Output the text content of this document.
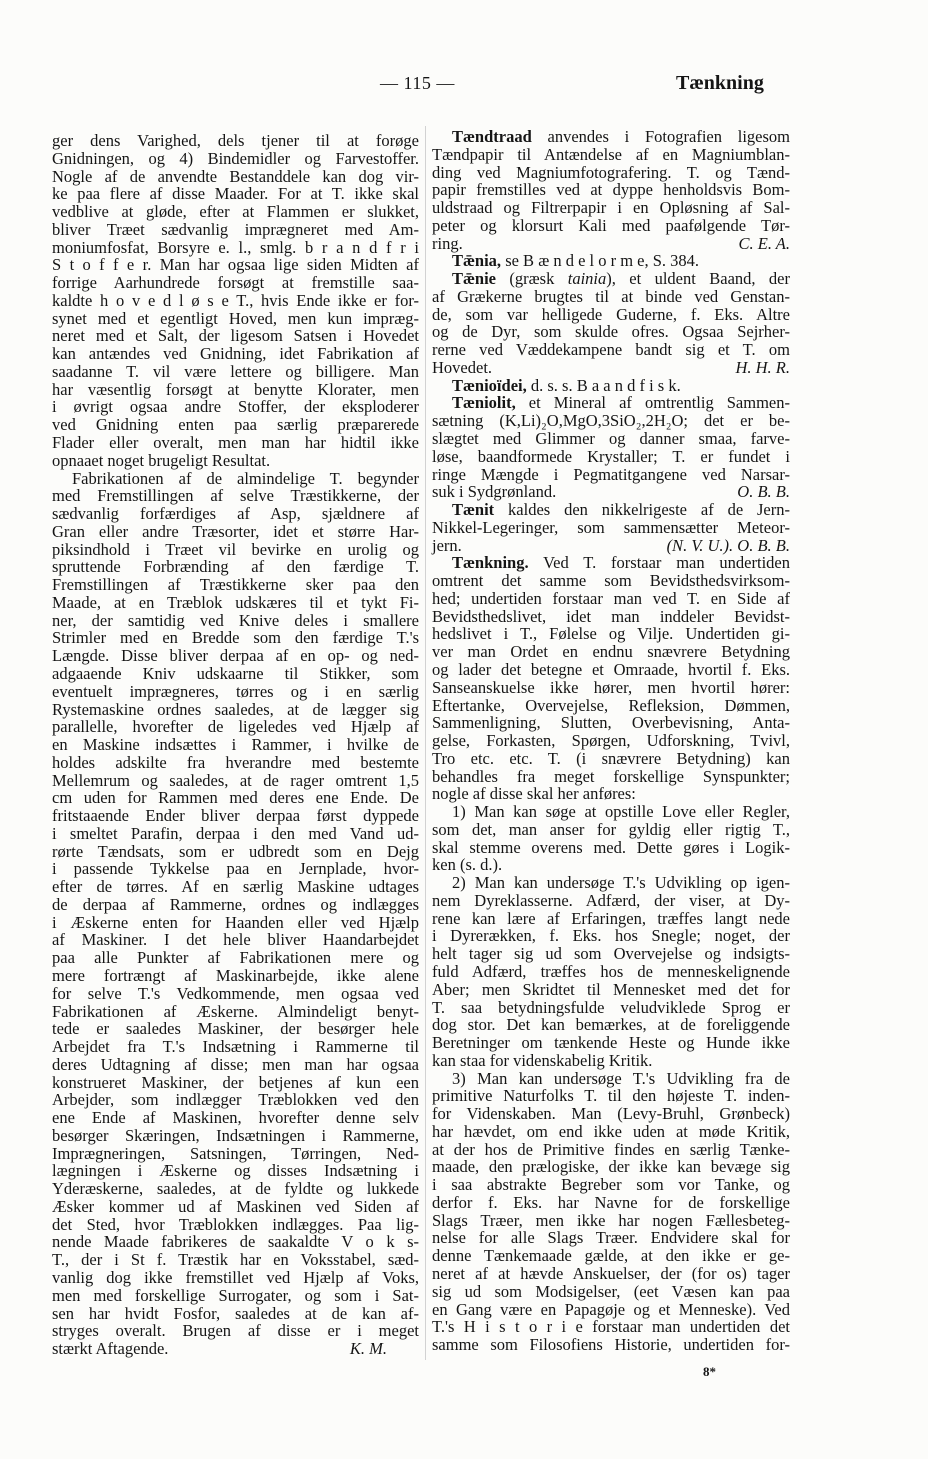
— 115 —	Tænkning
ger dens Varighed, dels tjener til at forøge
Gnidningen, og 4) Bindemidler og Farvestoffer.
Nogle af de anvendte Bestanddele kan dog vir-
ke paa flere af disse Maader. For at T. ikke skal
vedblive at gløde, efter at Flammen er slukket,
bliver Træet sædvanlig imprægneret med Am-
moniumfosfat, Borsyre e. l., smlg. b r a n d f r i
S t o f f e r. Man har ogsaa lige siden Midten af
forrige Aarhundrede forsøgt at fremstille saa-
kaldte h o v e d l ø s e T., hvis Ende ikke er for-
synet med et egentligt Hoved, men kun impræg-
neret med et Salt, der ligesom Satsen i Hovedet
kan antændes ved Gnidning, idet Fabrikation af
saadanne T. vil være lettere og billigere. Man
har væsentlig forsøgt at benytte Klorater, men
i øvrigt ogsaa andre Stoffer, der eksploderer
ved Gnidning enten paa særlig præparerede
Flader eller overalt, men man har hidtil ikke
opnaaet noget brugeligt Resultat.
Fabrikationen af de almindelige T. begynder
med Fremstillingen af selve Træstikkerne, der
sædvanlig forfærdiges af Asp, sjældnere af
Gran eller andre Træsorter, idet et større Har-
piksindhold i Træet vil bevirke en urolig og
spruttende Forbrænding af den færdige T.
Fremstillingen af Træstikkerne sker paa den
Maade, at en Træblok udskæres til et tykt Fi-
ner, der samtidig ved Knive deles i smallere
Strimler med en Bredde som den færdige T.'s
Længde. Disse bliver derpaa af en op- og ned-
adgaaende Kniv udskaarne til Stikker, som
eventuelt imprægneres, tørres og i en særlig
Rystemaskine ordnes saaledes, at de lægger sig
parallelle, hvorefter de ligeledes ved Hjælp af
en Maskine indsættes i Rammer, i hvilke de
holdes adskilte fra hverandre med bestemte
Mellemrum og saaledes, at de rager omtrent 1,5
cm uden for Rammen med deres ene Ende. De
fritstaaende Ender bliver derpaa først dyppede
i smeltet Parafin, derpaa i den med Vand ud-
rørte Tændsats, som er udbredt som en Dejg
i passende Tykkelse paa en Jernplade, hvor-
efter de tørres. Af en særlig Maskine udtages
de derpaa af Rammerne, ordnes og indlægges
i Æskerne enten for Haanden eller ved Hjælp
af Maskiner. I det hele bliver Haandarbejdet
paa alle Punkter af Fabrikationen mere og
mere fortrængt af Maskinarbejde, ikke alene
for selve T.'s Vedkommende, men ogsaa ved
Fabrikationen af Æskerne. Almindeligt benyt-
tede er saaledes Maskiner, der besørger hele
Arbejdet fra T.'s Indsætning i Rammerne til
deres Udtagning af disse; men man har ogsaa
konstrueret Maskiner, der betjenes af kun een
Arbejder, som indlægger Træblokken ved den
ene Ende af Maskinen, hvorefter denne selv
besørger Skæringen, Indsætningen i Rammerne,
Imprægneringen, Satsningen, Tørringen, Ned-
lægningen i Æskerne og disses Indsætning i
Yderæskerne, saaledes, at de fyldte og lukkede
Æsker kommer ud af Maskinen ved Siden af
det Sted, hvor Træblokken indlægges. Paa lig-
nende Maade fabrikeres de saakaldte V o k s-
T., der i St f. Træstik har en Voksstabel, sæd-
vanlig dog ikke fremstillet ved Hjælp af Voks,
men med forskellige Surrogater, og som i Sat-
sen har hvidt Fosfor, saaledes at de kan af-
stryges overalt. Brugen af disse er i meget
stærkt Aftagende.	K. M.
Tændtraad anvendes i Fotografien ligesom
Tændpapir til Antændelse af en Magniumblan-
ding ved Magniumfotografering. T. og Tænd-
papir fremstilles ved at dyppe henholdsvis Bom-
uldstraad og Filtrerpapir i en Opløsning af Sal-
peter og klorsurt Kali med paafølgende Tør-
ring.	C. E. A.
Tǣnia, se B æ n d e l o r m e, S. 384.
Tǣnie (græsk tainia), et uldent Baand, der
af Grækerne brugtes til at binde ved Genstan-
de, som var helligede Guderne, f. Eks. Altre
og de Dyr, som skulde ofres. Ogsaa Sejrher-
rerne ved Væddekampene bandt sig et T. om
Hovedet.	H. H. R.
Tænioïdei, d. s. s. B a a n d f i s k.
Tæniolit, et Mineral af omtrentlig Sammen-
sætning (K,Li)₂O,MgO,3SiO₂,2H₂O; det er be-
slægtet med Glimmer og danner smaa, farve-
løse, baandformede Krystaller; T. er fundet i
ringe Mængde i Pegmatitgangene ved Narsar-
suk i Sydgrønland.	O. B. B.
Tænit kaldes den nikkelrigeste af de Jern-
Nikkel-Legeringer, som sammensætter Meteor-
jern.	(N. V. U.). O. B. B.
Tænkning. Ved T. forstaar man undertiden
omtrent det samme som Bevidsthedsvirksom-
hed; undertiden forstaar man ved T. en Side af
Bevidsthedslivet, idet man inddeler Bevidst-
hedslivet i T., Følelse og Vilje. Undertiden gi-
ver man Ordet en endnu snævrere Betydning
og lader det betegne et Omraade, hvortil f. Eks.
Sanseanskuelse ikke hører, men hvortil hører:
Eftertanke, Overvejelse, Refleksion, Dømmen,
Sammenligning, Slutten, Overbevisning, Anta-
gelse, Forkasten, Spørgen, Udforskning, Tvivl,
Tro etc. etc. T. (i snævrere Betydning) kan
behandles fra meget forskellige Synspunkter;
nogle af disse skal her anføres:
1) Man kan søge at opstille Love eller Regler,
som det, man anser for gyldig eller rigtig T.,
skal stemme overens med. Dette gøres i Logik-
ken (s. d.).
2) Man kan undersøge T.'s Udvikling op igen-
nem Dyreklasserne. Adfærd, der viser, at Dy-
rene kan lære af Erfaringen, træffes langt nede
i Dyrerækken, f. Eks. hos Snegle; noget, der
helt tager sig ud som Overvejelse og indsigts-
fuld Adfærd, træffes hos de menneskelignende
Aber; men Skridtet til Mennesket med det for
T. saa betydningsfulde veludviklede Sprog er
dog stor. Det kan bemærkes, at de foreliggende
Beretninger om tænkende Heste og Hunde ikke
kan staa for videnskabelig Kritik.
3) Man kan undersøge T.'s Udvikling fra de
primitive Naturfolks T. til den højeste T. inden-
for Videnskaben. Man (Levy-Bruhl, Grønbeck)
har hævdet, om end ikke uden at møde Kritik,
at der hos de Primitive findes en særlig Tænke-
maade, den prælogiske, der ikke kan bevæge sig
i saa abstrakte Begreber som vor Tanke, og
derfor f. Eks. har Navne for de forskellige
Slags Træer, men ikke har nogen Fællesbeteg-
nelse for alle Slags Træer. Endvidere skal for
denne Tænkemaade gælde, at den ikke er ge-
neret af at hævde Anskuelser, der (for os) tager
sig ud som Modsigelser, (eet Væsen kan paa
en Gang være en Papagøje og et Menneske). Ved
T.'s H i s t o r i e forstaar man undertiden det
samme som Filosofiens Historie, undertiden for-
8*
